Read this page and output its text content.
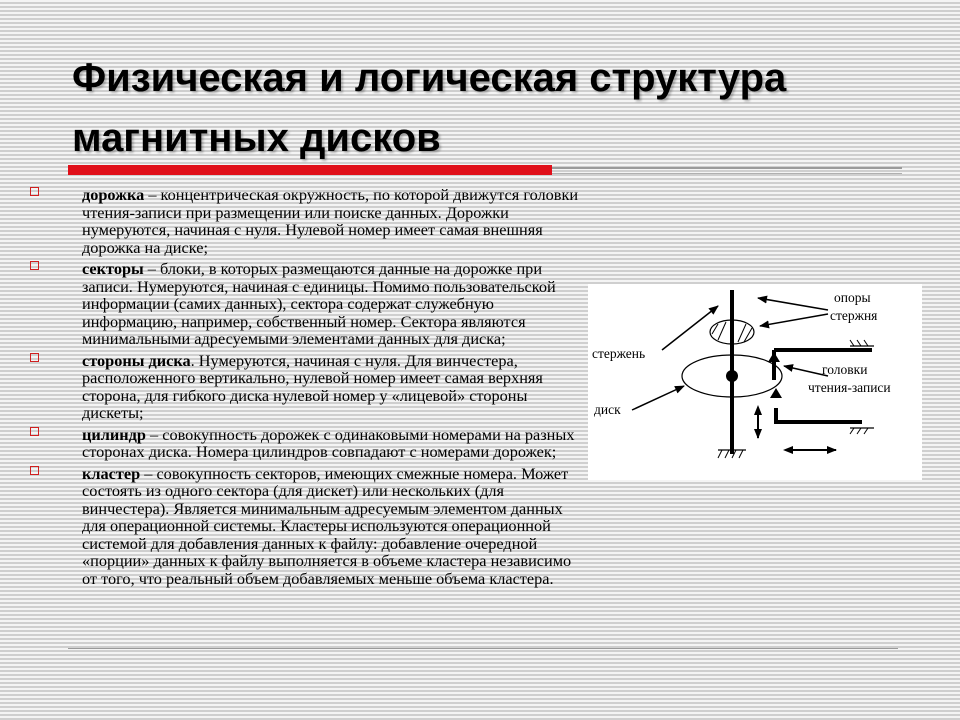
Физическая и логическая структура
магнитных дисков
дорожка – концентрическая окружность, по которой движутся головки чтения-записи при размещении или поиске данных. Дорожки нумеруются, начиная с нуля. Нулевой номер имеет самая внешняя дорожка на диске;
секторы – блоки, в которых размещаются данные на дорожке при записи. Нумеруются, начиная с единицы. Помимо пользовательской информации (самих данных), сектора содержат служебную информацию, например, собственный номер. Сектора являются минимальными адресуемыми элементами данных для диска;
стороны диска. Нумеруются, начиная с нуля. Для винчестера, расположенного вертикально, нулевой номер имеет самая верхняя сторона, для гибкого диска нулевой номер у «лицевой» стороны дискеты;
цилиндр – совокупность дорожек с одинаковыми номерами на разных сторонах диска. Номера цилиндров совпадают с номерами дорожек;
кластер – совокупность секторов, имеющих смежные номера. Может состоять из одного сектора (для дискет) или нескольких (для винчестера). Является минимальным адресуемым элементом данных для операционной системы. Кластеры используются операционной системой для добавления данных к файлу: добавление очередной «порции» данных к файлу выполняется в объеме кластера независимо от того, что реальный объем добавляемых меньше объема кластера.
опоры
стержня
стержень
головки
чтения-записи
диск
